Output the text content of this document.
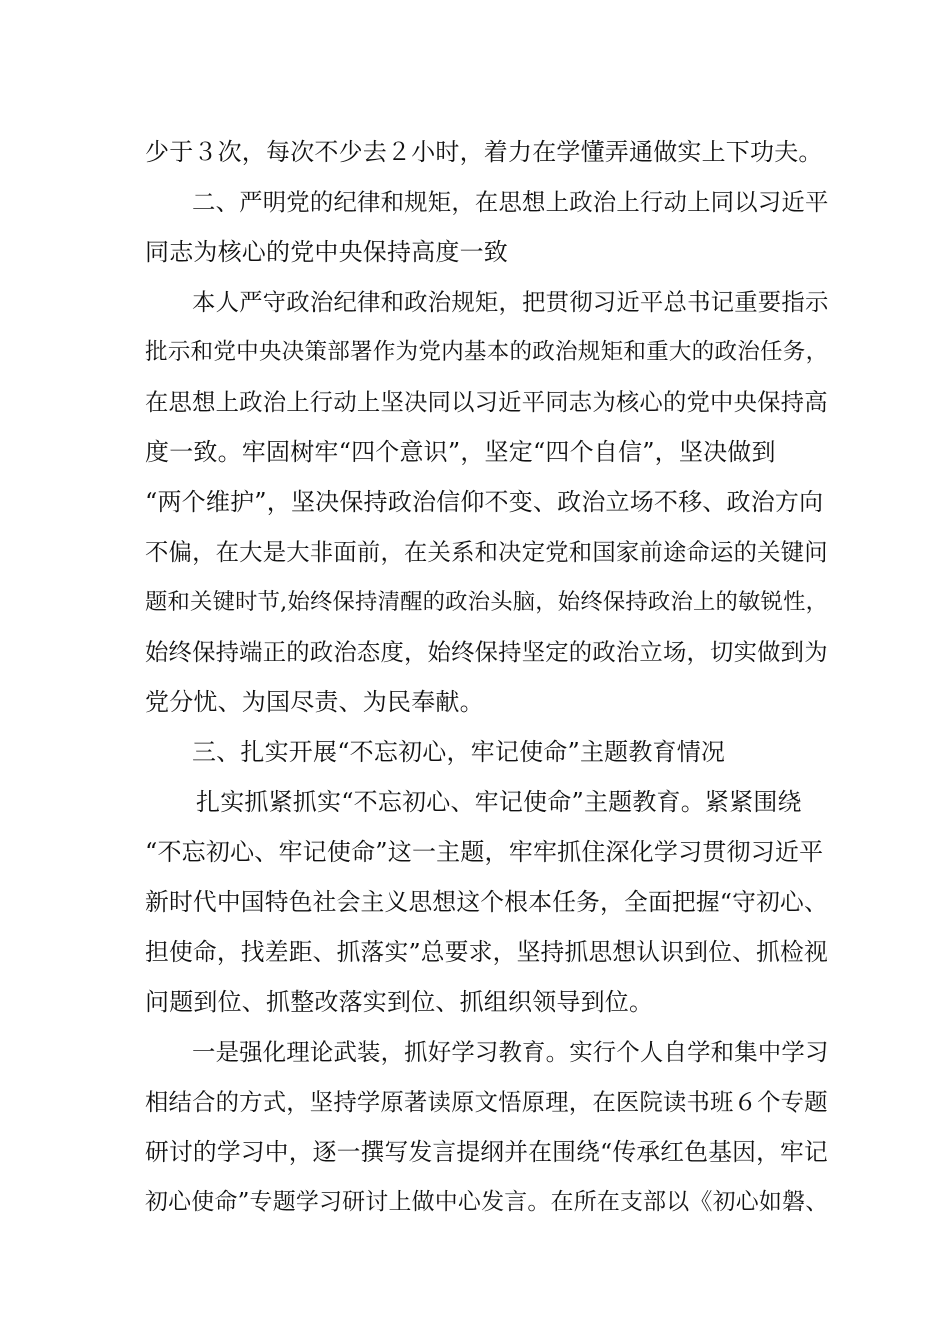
少于３次，每次不少去２小时，着力在学懂弄通做实上下功夫。
二、严明党的纪律和规矩，在思想上政治上行动上同以习近平
同志为核心的党中央保持高度一致
本人严守政治纪律和政治规矩，把贯彻习近平总书记重要指示
批示和党中央决策部署作为党内基本的政治规矩和重大的政治任务，
在思想上政治上行动上坚决同以习近平同志为核心的党中央保持高
度一致。牢固树牢“四个意识”，坚定“四个自信”，坚决做到
“两个维护”，坚决保持政治信仰不变、政治立场不移、政治方向
不偏，在大是大非面前，在关系和决定党和国家前途命运的关键问
题和关键时节,始终保持清醒的政治头脑，始终保持政治上的敏锐性，
始终保持端正的政治态度，始终保持坚定的政治立场，切实做到为
党分忧、为国尽责、为民奉献。
三、扎实开展“不忘初心，牢记使命”主题教育情况
扎实抓紧抓实“不忘初心、牢记使命”主题教育。紧紧围绕
“不忘初心、牢记使命”这一主题，牢牢抓住深化学习贯彻习近平
新时代中国特色社会主义思想这个根本任务，全面把握“守初心、
担使命，找差距、抓落实”总要求，坚持抓思想认识到位、抓检视
问题到位、抓整改落实到位、抓组织领导到位。
一是强化理论武装，抓好学习教育。实行个人自学和集中学习
相结合的方式，坚持学原著读原文悟原理，在医院读书班６个专题
研讨的学习中，逐一撰写发言提纲并在围绕“传承红色基因，牢记
初心使命”专题学习研讨上做中心发言。在所在支部以《初心如磐、
